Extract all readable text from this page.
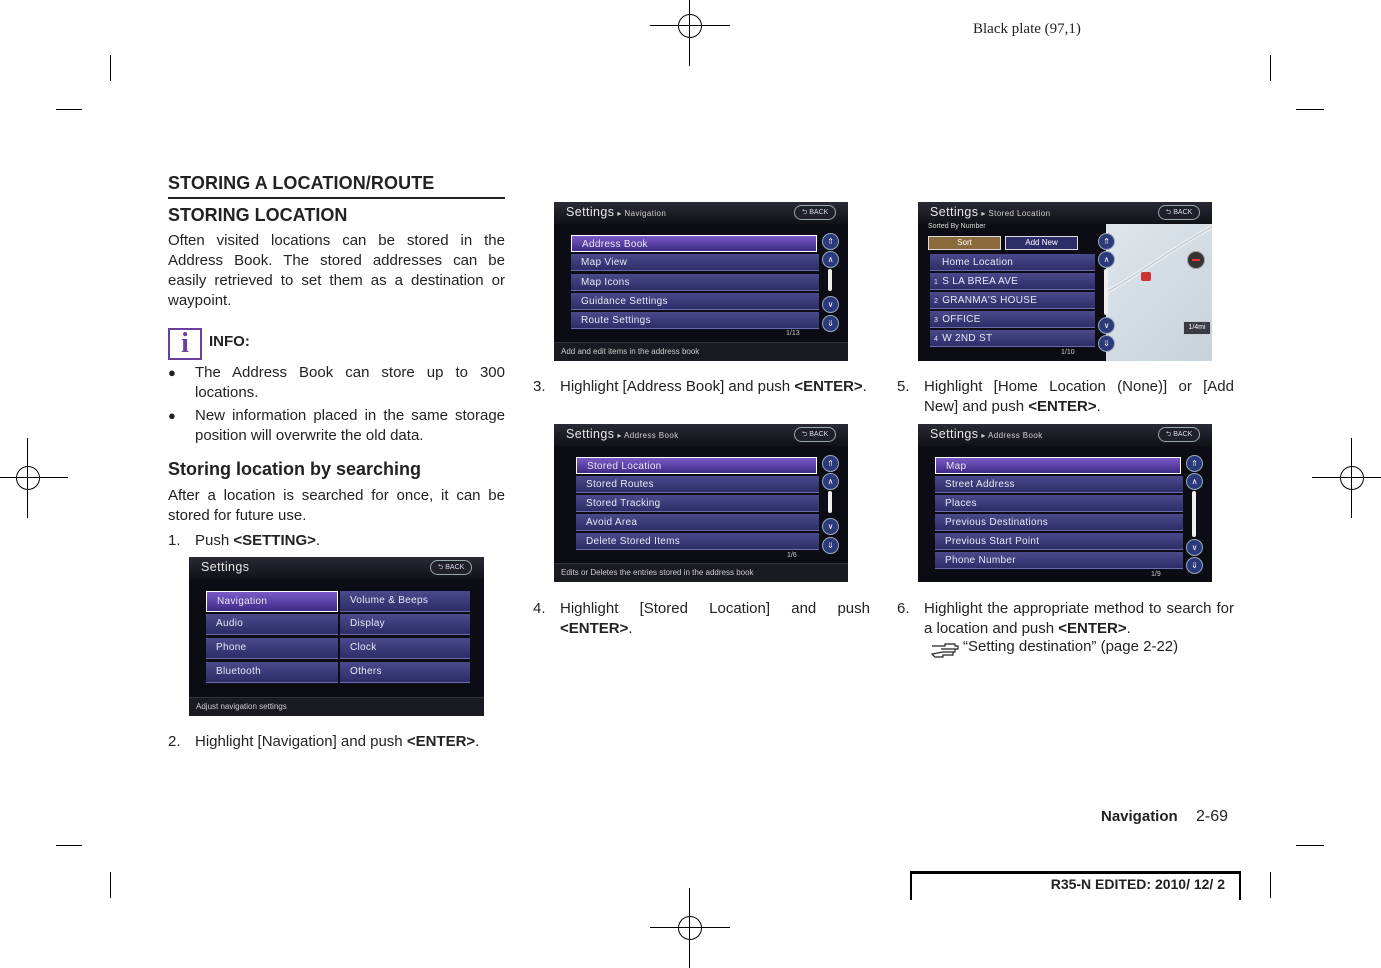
Black plate (97,1)
STORING A LOCATION/ROUTE
STORING LOCATION

Often visited locations can be stored in the Address Book. The stored addresses can be easily retrieved to set them as a destination or waypoint.

i INFO:
● The Address Book can store up to 300 locations.
● New information placed in the same storage position will overwrite the old data.
Storing location by searching

After a location is searched for once, it can be stored for future use.

1. Push <SETTING>.
Settings	⮌ BACK
Navigation
Audio
Phone
Bluetooth
Volume & Beeps
Display
Clock
Others
Adjust navigation settings
2. Highlight [Navigation] and push <ENTER>.
Settings ▸ Navigation	⮌ BACK
Address Book
Map View
Map Icons
Guidance Settings
Route Settings
⇑
∧
∨
⇓
1/13
Add and edit items in the address book
3. Highlight [Address Book] and push <ENTER>.
Settings ▸ Address Book	⮌ BACK
Stored Location
Stored Routes
Stored Tracking
Avoid Area
Delete Stored Items
⇑
∧
∨
⇓
1/6
Edits or Deletes the entries stored in the address book
4. Highlight [Stored Location] and push <ENTER>.
1/4mi
Settings ▸ Stored Location	⮌ BACK
Sorted By Number
Sort	Add New
Home Location
1 S LA BREA AVE
2 GRANMA'S HOUSE
3 OFFICE
4 W 2ND ST
⇑
∧
∨
⇓
1/10
5. Highlight [Home Location (None)] or [Add New] and push <ENTER>.
Settings ▸ Address Book	⮌ BACK
Map
Street Address
Places
Previous Destinations
Previous Start Point
Phone Number
⇑
∧
∨
⇓
1/9
6. Highlight the appropriate method to search for a location and push <ENTER>.
“Setting destination” (page 2-22)
Navigation 2-69
R35-N EDITED: 2010/ 12/ 2
